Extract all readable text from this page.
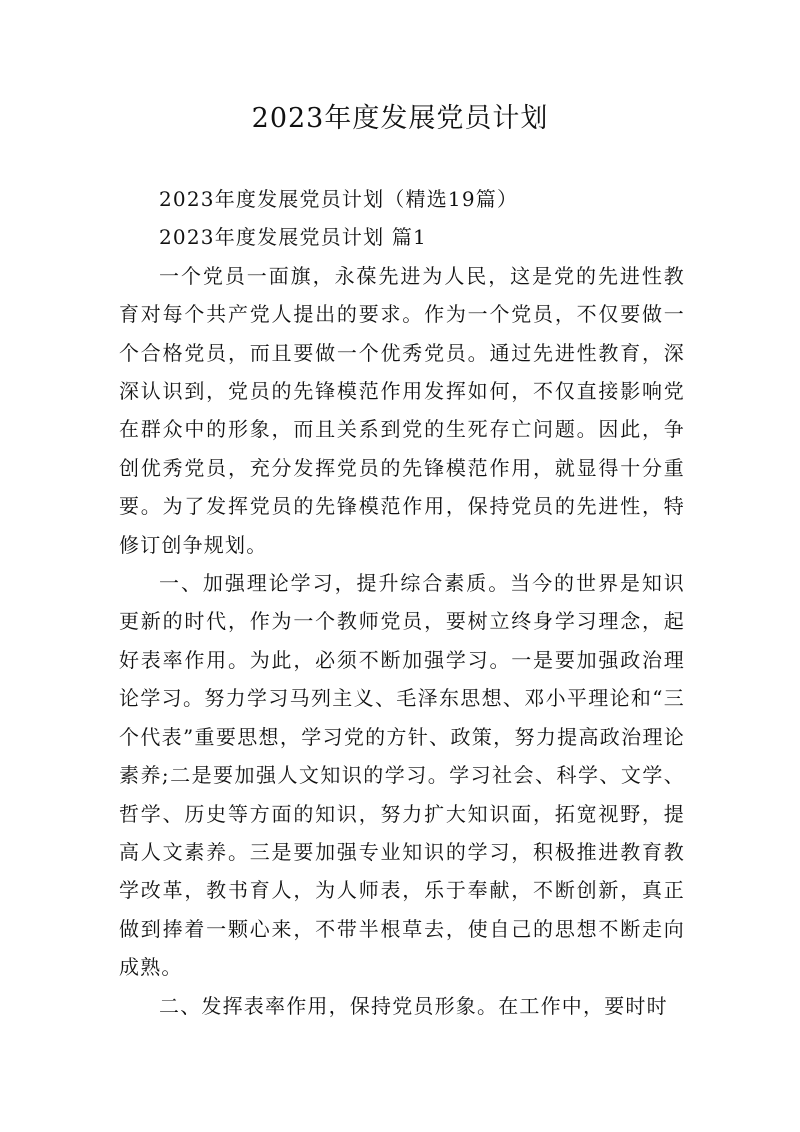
2023年度发展党员计划

2023年度发展党员计划（精选19篇）

2023年度发展党员计划 篇1

一个党员一面旗，永葆先进为人民，这是党的先进性教育对每个共产党人提出的要求。作为一个党员，不仅要做一个合格党员，而且要做一个优秀党员。通过先进性教育，深深认识到，党员的先锋模范作用发挥如何，不仅直接影响党在群众中的形象，而且关系到党的生死存亡问题。因此，争创优秀党员，充分发挥党员的先锋模范作用，就显得十分重要。为了发挥党员的先锋模范作用，保持党员的先进性，特修订创争规划。

一、加强理论学习，提升综合素质。当今的世界是知识更新的时代，作为一个教师党员，要树立终身学习理念，起好表率作用。为此，必须不断加强学习。一是要加强政治理论学习。努力学习马列主义、毛泽东思想、邓小平理论和“三个代表”重要思想，学习党的方针、政策，努力提高政治理论素养;二是要加强人文知识的学习。学习社会、科学、文学、哲学、历史等方面的知识，努力扩大知识面，拓宽视野，提高人文素养。三是要加强专业知识的学习，积极推进教育教学改革，教书育人，为人师表，乐于奉献，不断创新，真正做到捧着一颗心来，不带半根草去，使自己的思想不断走向成熟。

二、发挥表率作用，保持党员形象。在工作中，要时时
